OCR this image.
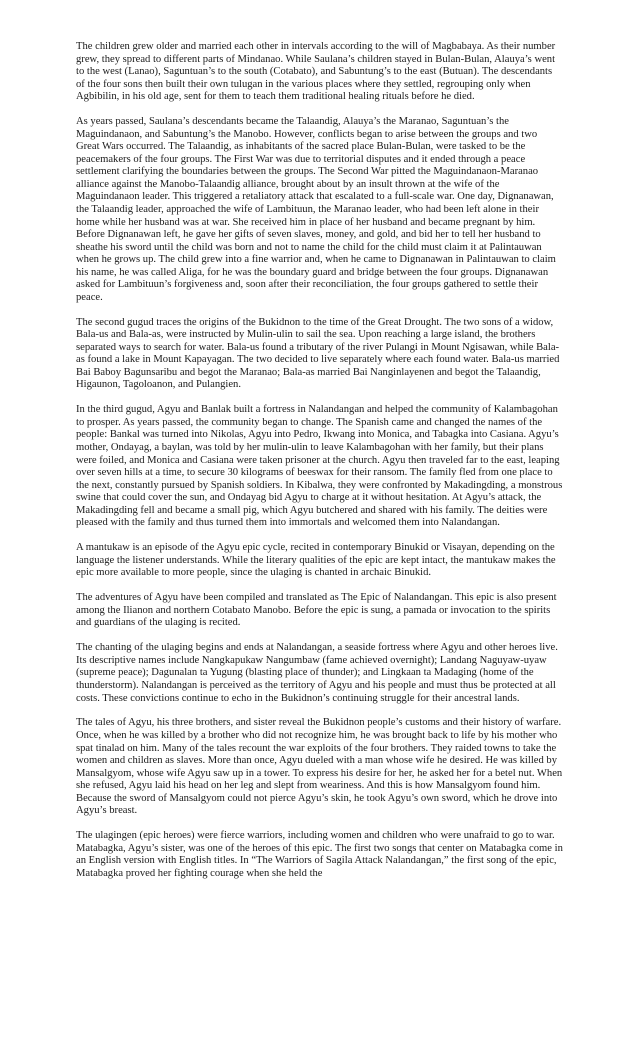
The children grew older and married each other in intervals according to the will of Magbabaya. As their number grew, they spread to different parts of Mindanao. While Saulana’s children stayed in Bulan-Bulan, Alauya’s went to the west (Lanao), Saguntuan’s to the south (Cotabato), and Sabuntung’s to the east (Butuan). The descendants of the four sons then built their own tulugan in the various places where they settled, regrouping only when Agbibilin, in his old age, sent for them to teach them traditional healing rituals before he died.

As years passed, Saulana’s descendants became the Talaandig, Alauya’s the Maranao, Saguntuan’s the Maguindanaon, and Sabuntung’s the Manobo. However, conflicts began to arise between the groups and two Great Wars occurred. The Talaandig, as inhabitants of the sacred place Bulan-Bulan, were tasked to be the peacemakers of the four groups. The First War was due to territorial disputes and it ended through a peace settlement clarifying the boundaries between the groups. The Second War pitted the Maguindanaon-Maranao alliance against the Manobo-Talaandig alliance, brought about by an insult thrown at the wife of the Maguindanaon leader. This triggered a retaliatory attack that escalated to a full-scale war. One day, Dignanawan, the Talaandig leader, approached the wife of Lambituun, the Maranao leader, who had been left alone in their home while her husband was at war. She received him in place of her husband and became pregnant by him. Before Dignanawan left, he gave her gifts of seven slaves, money, and gold, and bid her to tell her husband to sheathe his sword until the child was born and not to name the child for the child must claim it at Palintauwan when he grows up. The child grew into a fine warrior and, when he came to Dignanawan in Palintauwan to claim his name, he was called Aliga, for he was the boundary guard and bridge between the four groups. Dignanawan asked for Lambituun’s forgiveness and, soon after their reconciliation, the four groups gathered to settle their peace.

The second gugud traces the origins of the Bukidnon to the time of the Great Drought. The two sons of a widow, Bala-us and Bala-as, were instructed by Mulin-ulin to sail the sea. Upon reaching a large island, the brothers separated ways to search for water. Bala-us found a tributary of the river Pulangi in Mount Ngisawan, while Bala-as found a lake in Mount Kapayagan. The two decided to live separately where each found water. Bala-us married Bai Baboy Bagunsaribu and begot the Maranao; Bala-as married Bai Nanginlayenen and begot the Talaandig, Higaunon, Tagoloanon, and Pulangien.

In the third gugud, Agyu and Banlak built a fortress in Nalandangan and helped the community of Kalambagohan to prosper. As years passed, the community began to change. The Spanish came and changed the names of the people: Bankal was turned into Nikolas, Agyu into Pedro, Ikwang into Monica, and Tabagka into Casiana. Agyu’s mother, Ondayag, a baylan, was told by her mulin-ulin to leave Kalambagohan with her family, but their plans were foiled, and Monica and Casiana were taken prisoner at the church. Agyu then traveled far to the east, leaping over seven hills at a time, to secure 30 kilograms of beeswax for their ransom. The family fled from one place to the next, constantly pursued by Spanish soldiers. In Kibalwa, they were confronted by Makadingding, a monstrous swine that could cover the sun, and Ondayag bid Agyu to charge at it without hesitation. At Agyu’s attack, the Makadingding fell and became a small pig, which Agyu butchered and shared with his family. The deities were pleased with the family and thus turned them into immortals and welcomed them into Nalandangan.

A mantukaw is an episode of the Agyu epic cycle, recited in contemporary Binukid or Visayan, depending on the language the listener understands. While the literary qualities of the epic are kept intact, the mantukaw makes the epic more available to more people, since the ulaging is chanted in archaic Binukid.

The adventures of Agyu have been compiled and translated as The Epic of Nalandangan. This epic is also present among the Ilianon and northern Cotabato Manobo. Before the epic is sung, a pamada or invocation to the spirits and guardians of the ulaging is recited.

The chanting of the ulaging begins and ends at Nalandangan, a seaside fortress where Agyu and other heroes live. Its descriptive names include Nangkapukaw Nangumbaw (fame achieved overnight); Landang Naguyaw-uyaw (supreme peace); Dagunalan ta Yugung (blasting place of thunder); and Lingkaan ta Madaging (home of the thunderstorm). Nalandangan is perceived as the territory of Agyu and his people and must thus be protected at all costs. These convictions continue to echo in the Bukidnon’s continuing struggle for their ancestral lands.

The tales of Agyu, his three brothers, and sister reveal the Bukidnon people’s customs and their history of warfare. Once, when he was killed by a brother who did not recognize him, he was brought back to life by his mother who spat tinalad on him. Many of the tales recount the war exploits of the four brothers. They raided towns to take the women and children as slaves. More than once, Agyu dueled with a man whose wife he desired. He was killed by Mansalgyom, whose wife Agyu saw up in a tower. To express his desire for her, he asked her for a betel nut. When she refused, Agyu laid his head on her leg and slept from weariness. And this is how Mansalgyom found him. Because the sword of Mansalgyom could not pierce Agyu’s skin, he took Agyu’s own sword, which he drove into Agyu’s breast.

The ulagingen (epic heroes) were fierce warriors, including women and children who were unafraid to go to war. Matabagka, Agyu’s sister, was one of the heroes of this epic. The first two songs that center on Matabagka come in an English version with English titles. In “The Warriors of Sagila Attack Nalandangan,” the first song of the epic, Matabagka proved her fighting courage when she held the
